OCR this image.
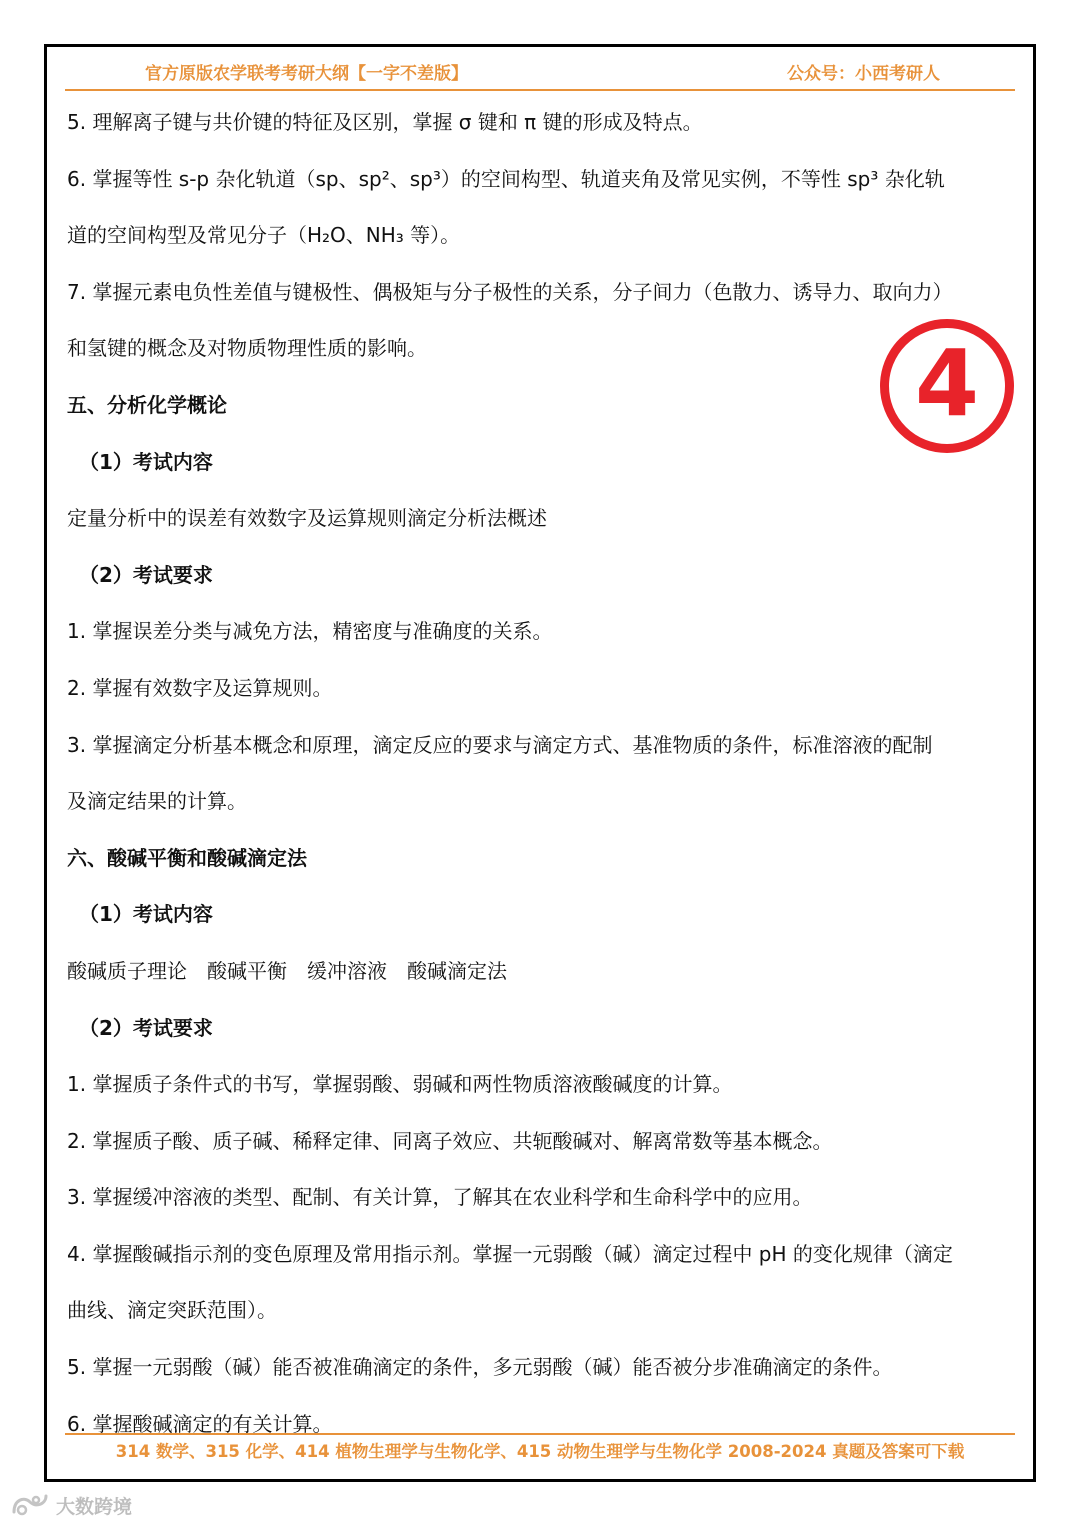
官方原版农学联考考研大纲【一字不差版】	公众号：小西考研人
5. 理解离子键与共价键的特征及区别，掌握 σ 键和 π 键的形成及特点。
6. 掌握等性 s-p 杂化轨道（sp、sp²、sp³）的空间构型、轨道夹角及常见实例，不等性 sp³ 杂化轨
道的空间构型及常见分子（H₂O、NH₃ 等）。
7. 掌握元素电负性差值与键极性、偶极矩与分子极性的关系，分子间力（色散力、诱导力、取向力）
和氢键的概念及对物质物理性质的影响。
五、分析化学概论
（1）考试内容
定量分析中的误差有效数字及运算规则滴定分析法概述
（2）考试要求
1. 掌握误差分类与减免方法，精密度与准确度的关系。
2. 掌握有效数字及运算规则。
3. 掌握滴定分析基本概念和原理，滴定反应的要求与滴定方式、基准物质的条件，标准溶液的配制
及滴定结果的计算。
六、酸碱平衡和酸碱滴定法
（1）考试内容
酸碱质子理论　酸碱平衡　缓冲溶液　酸碱滴定法
（2）考试要求
1. 掌握质子条件式的书写，掌握弱酸、弱碱和两性物质溶液酸碱度的计算。
2. 掌握质子酸、质子碱、稀释定律、同离子效应、共轭酸碱对、解离常数等基本概念。
3. 掌握缓冲溶液的类型、配制、有关计算，了解其在农业科学和生命科学中的应用。
4. 掌握酸碱指示剂的变色原理及常用指示剂。掌握一元弱酸（碱）滴定过程中 pH 的变化规律（滴定
曲线、滴定突跃范围）。
5. 掌握一元弱酸（碱）能否被准确滴定的条件，多元弱酸（碱）能否被分步准确滴定的条件。
6. 掌握酸碱滴定的有关计算。
4
314 数学、315 化学、414 植物生理学与生物化学、415 动物生理学与生物化学 2008-2024 真题及答案可下载
大数跨境
